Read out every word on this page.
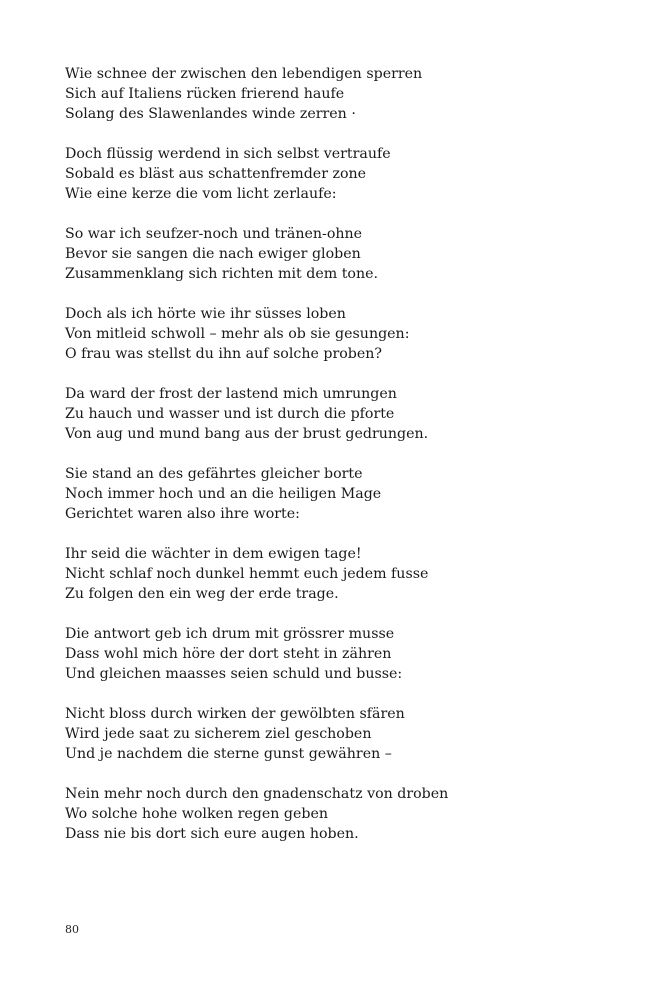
Wie schnee der zwischen den lebendigen sperren
Sich auf Italiens rücken frierend haufe
Solang des Slawenlandes winde zerren ·
Doch flüssig werdend in sich selbst vertraufe
Sobald es bläst aus schattenfremder zone
Wie eine kerze die vom licht zerlaufe:
So war ich seufzer-noch und tränen-ohne
Bevor sie sangen die nach ewiger globen
Zusammenklang sich richten mit dem tone.
Doch als ich hörte wie ihr süsses loben
Von mitleid schwoll – mehr als ob sie gesungen:
O frau was stellst du ihn auf solche proben?
Da ward der frost der lastend mich umrungen
Zu hauch und wasser und ist durch die pforte
Von aug und mund bang aus der brust gedrungen.
Sie stand an des gefährtes gleicher borte
Noch immer hoch und an die heiligen Mage
Gerichtet waren also ihre worte:
Ihr seid die wächter in dem ewigen tage!
Nicht schlaf noch dunkel hemmt euch jedem fusse
Zu folgen den ein weg der erde trage.
Die antwort geb ich drum mit grössrer musse
Dass wohl mich höre der dort steht in zähren
Und gleichen maasses seien schuld und busse:
Nicht bloss durch wirken der gewölbten sfären
Wird jede saat zu sicherem ziel geschoben
Und je nachdem die sterne gunst gewähren –
Nein mehr noch durch den gnadenschatz von droben
Wo solche hohe wolken regen geben
Dass nie bis dort sich eure augen hoben.
80
